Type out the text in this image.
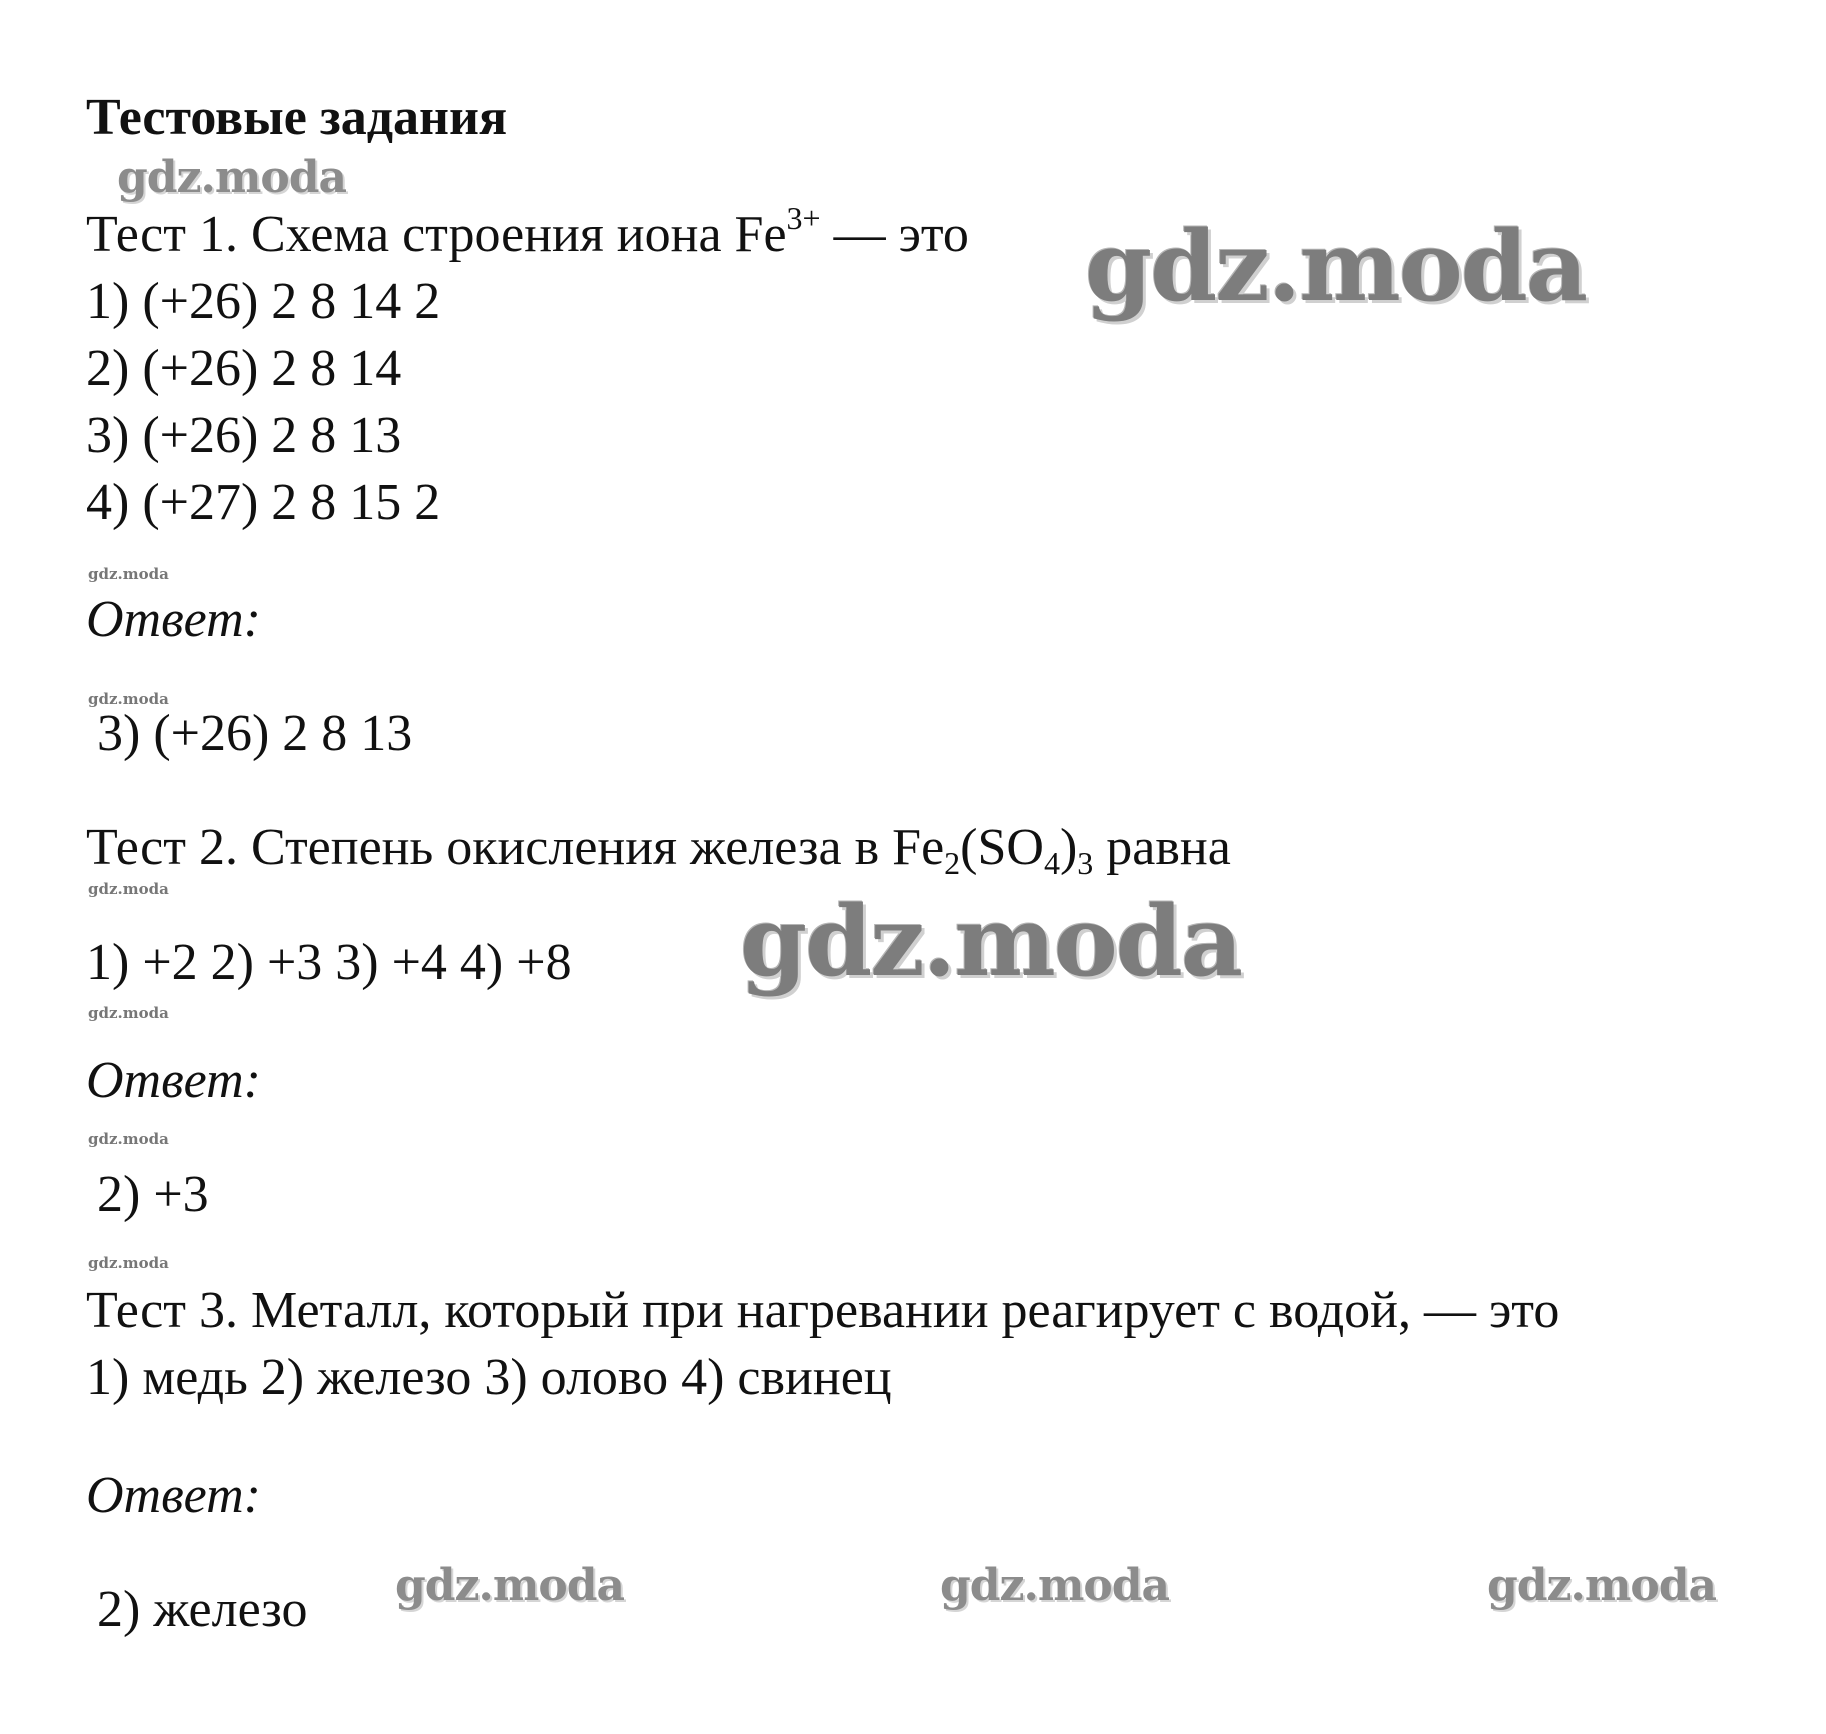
Тестовые задания
Тест 1. Схема строения иона $Fe^{3+}$ — это
1) (+26) 2 8 14 2
2) (+26) 2 8 14
3) (+26) 2 8 13
4) (+27) 2 8 15 2
Ответ:
3) (+26) 2 8 13
Тест 2. Степень окисления железа в $Fe_2(SO_4)_3$ равна
1) +2 2) +3 3) +4 4) +8
Ответ:
2) +3
Тест 3. Металл, который при нагревании реагирует с водой, — это
1) медь 2) железо 3) олово 4) свинец
Ответ:
2) железо
gdz.moda
gdz.moda
gdz.moda
gdz.moda
gdz.moda	gdz.moda
gdz.moda
gdz.moda
gdz.moda
gdz.moda	gdz.moda	gdz.moda
